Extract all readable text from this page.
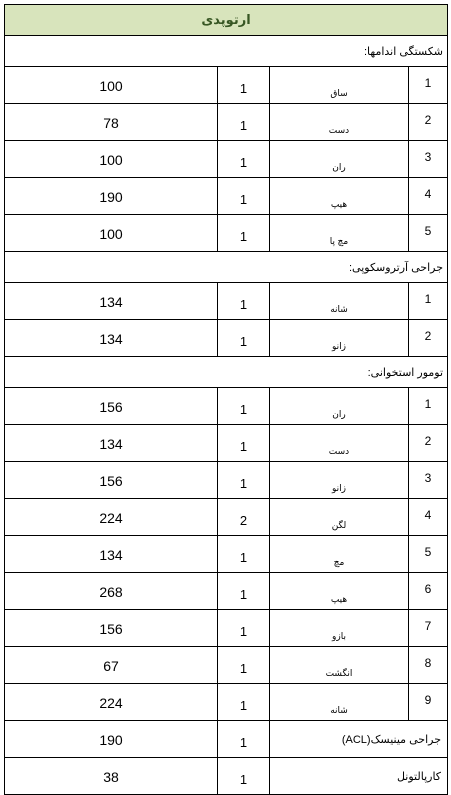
ارتوپدی			
شکستگی اندامها:			
100	1	ساق	1
78	1	دست	2
100	1	ران	3
190	1	هیپ	4
100	1	مچ پا	5
جراحی آرتروسکوپی:			
134	1	شانه	1
134	1	زانو	2
تومور استخوانی:			
156	1	ران	1
134	1	دست	2
156	1	زانو	3
224	2	لگن	4
134	1	مچ	5
268	1	هیپ	6
156	1	بازو	7
67	1	انگشت	8
224	1	شانه	9
190	1	جراحی مینیسک(ACL)	
38	1	کارپالتونل	
